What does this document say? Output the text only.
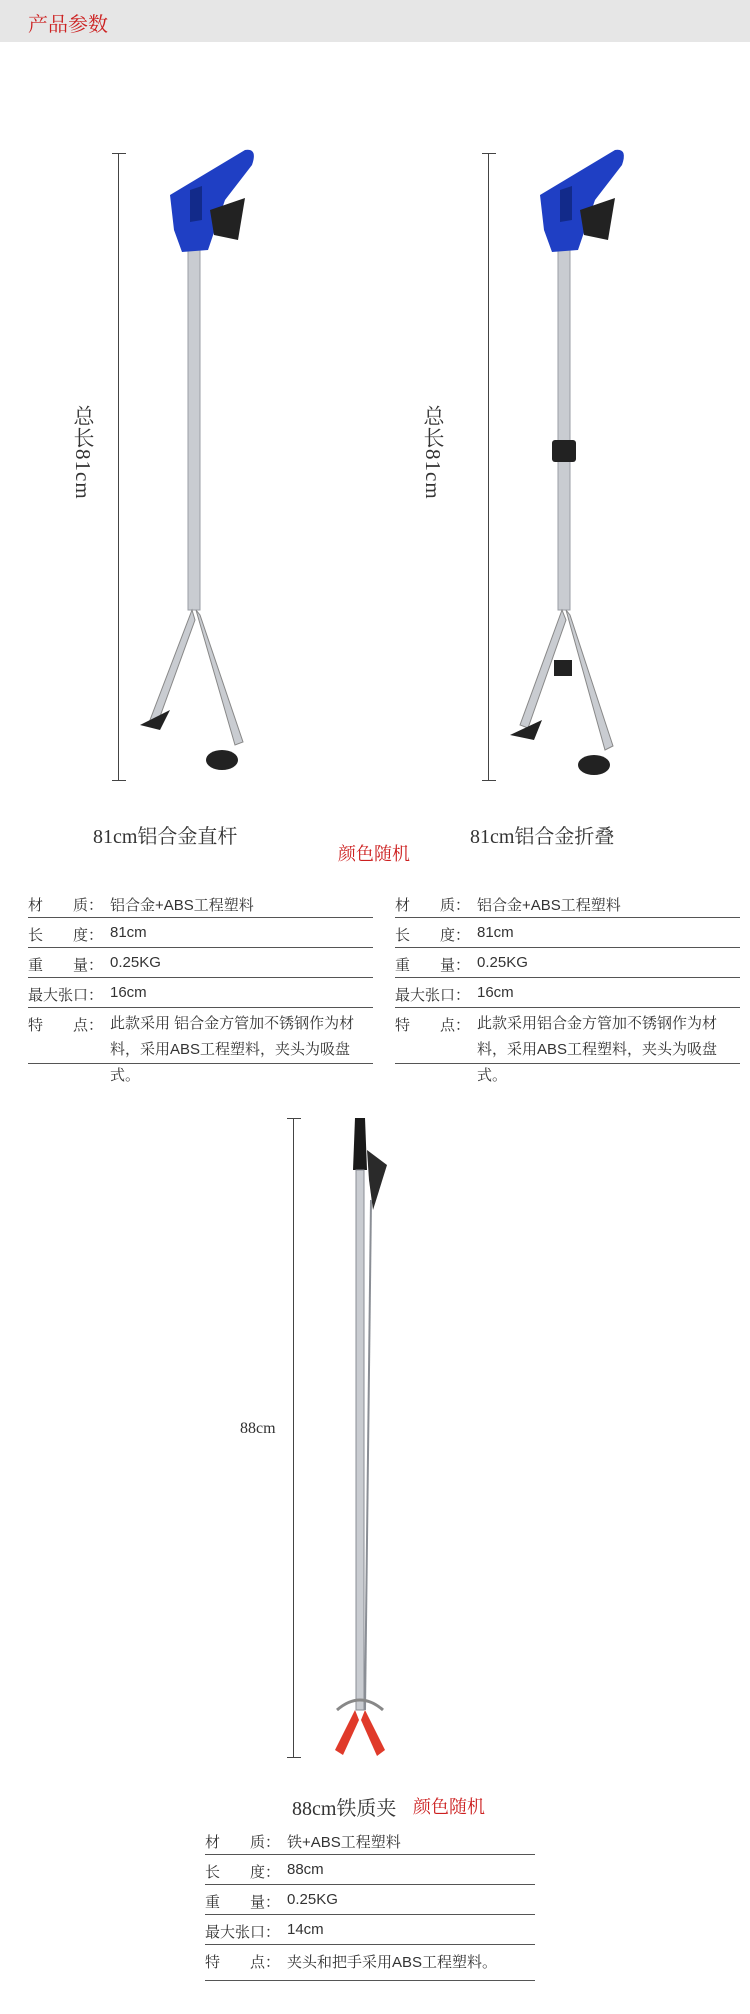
产品参数
总长81cm
81cm铝合金直杆
颜色随机
总长81cm
81cm铝合金折叠
材　　质： 铝合金+ABS工程塑料
长　　度： 81cm
重　　量： 0.25KG
最大张口： 16cm
特　　点： 此款采用 铝合金方管加不锈钢作为材料，采用ABS工程塑料，夹头为吸盘式。
材　　质： 铝合金+ABS工程塑料
长　　度： 81cm
重　　量： 0.25KG
最大张口： 16cm
特　　点： 此款采用铝合金方管加不锈钢作为材料，采用ABS工程塑料，夹头为吸盘式。
88cm
88cm铁质夹 颜色随机
材　　质： 铁+ABS工程塑料
长　　度： 88cm
重　　量： 0.25KG
最大张口： 14cm
特　　点： 夹头和把手采用ABS工程塑料。
